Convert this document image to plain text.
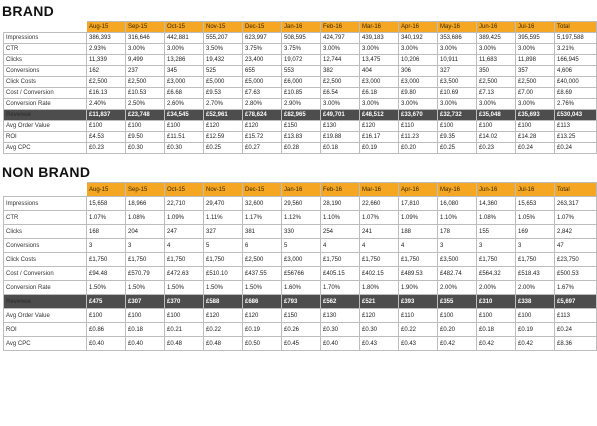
BRAND
	Aug-15	Sep-15	Oct-15	Nov-15	Dec-15	Jan-16	Feb-16	Mar-16	Apr-16	May-16	Jun-16	Jul-16	Total
Impressions	386,393	316,646	442,881	555,207	623,997	508,595	424,797	439,183	340,192	353,686	389,425	395,595	5,197,588
CTR	2.93%	3.00%	3.00%	3.50%	3.75%	3.75%	3.00%	3.00%	3.00%	3.00%	3.00%	3.00%	3.21%
Clicks	11,339	9,499	13,286	19,432	23,400	19,072	12,744	13,475	10,206	10,911	11,683	11,898	166,945
Conversions	162	237	345	525	655	553	382	404	306	327	350	357	4,606
Click Costs	£2,500	£2,500	£3,000	£5,000	£5,000	£6,000	£2,500	£3,000	£3,000	£3,500	£2,500	£2,500	£40,000
Cost / Conversion	£16.13	£10.53	£6.68	£9.53	£7.63	£10.85	£6.54	£6.18	£9.80	£10.69	£7.13	£7.00	£8.69
Conversion Rate	2.40%	2.50%	2.60%	2.70%	2.80%	2.90%	3.00%	3.00%	3.00%	3.00%	3.00%	3.00%	2.76%
Revenue	£11,837	£23,748	£34,545	£52,961	£78,624	£82,965	£49,701	£48,512	£33,670	£32,732	£35,048	£35,693	£530,043
Avg Order Value	£100	£100	£100	£120	£120	£150	£130	£120	£110	£100	£100	£100	£113
ROI	£4.53	£9.50	£11.51	£12.59	£15.72	£13.83	£19.88	£16.17	£11.23	£9.35	£14.02	£14.28	£13.25
Avg CPC	£0.23	£0.30	£0.30	£0.25	£0.27	£0.28	£0.18	£0.19	£0.20	£0.25	£0.23	£0.24	£0.24
NON BRAND
	Aug-15	Sep-15	Oct-15	Nov-15	Dec-15	Jan-16	Feb-16	Mar-16	Apr-16	May-16	Jun-16	Jul-16	Total
Impressions	15,658	18,966	22,710	29,470	32,600	29,560	28,190	22,660	17,810	16,080	14,360	15,653	263,317
CTR	1.07%	1.08%	1.09%	1.11%	1.17%	1.12%	1.10%	1.07%	1.09%	1.10%	1.08%	1.05%	1.07%
Clicks	168	204	247	327	381	330	254	241	188	178	155	169	2,842
Conversions	3	3	4	5	6	5	4	4	4	3	3	3	47
Click Costs	£1,750	£1,750	£1,750	£1,750	£2,500	£3,000	£1,750	£1,750	£1,750	£3,500	£1,750	£1,750	£23,750
Cost / Conversion	£94.48	£570.79	£472.63	£510.10	£437.55	£56766	£405.15	£402.15	£489.53	£482.74	£564.32	£518.43	£500.53
Conversion Rate	1.50%	1.50%	1.50%	1.50%	1.50%	1.60%	1.70%	1.80%	1.90%	2.00%	2.00%	2.00%	1.67%
Revenue	£475	£307	£370	£588	£686	£793	£562	£521	£393	£355	£310	£338	£5,697
Avg Order Value	£100	£100	£100	£120	£120	£150	£130	£120	£110	£100	£100	£100	£113
ROI	£0.86	£0.18	£0.21	£0.22	£0.19	£0.26	£0.30	£0.30	£0.22	£0.20	£0.18	£0.19	£0.24
Avg CPC	£0.40	£0.40	£0.48	£0.48	£0.50	£0.45	£0.40	£0.43	£0.43	£0.42	£0.42	£0.42	£8.36
